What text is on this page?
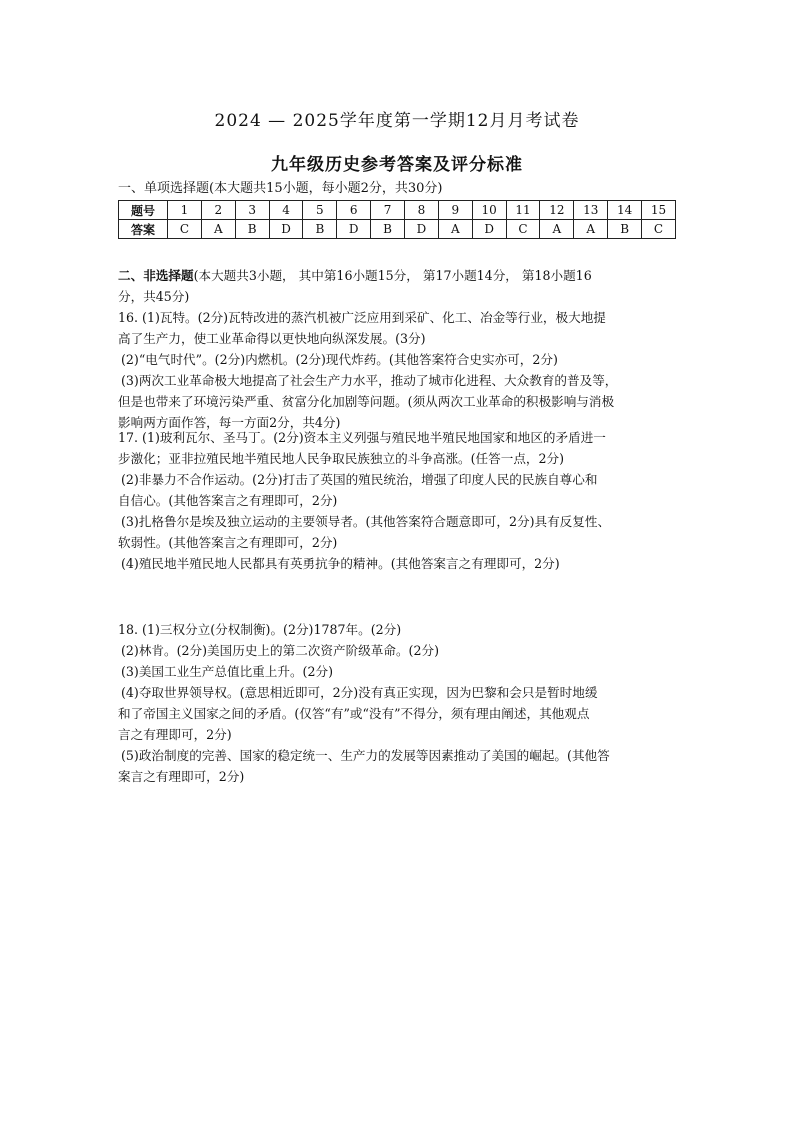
2024 — 2025学年度第一学期12月月考试卷
九年级历史参考答案及评分标准
一、单项选择题(本大题共15小题，每小题2分，共30分)
题号	1	2	3	4	5	6	7	8	9	10	11	12	13	14	15
答案	C	A	B	D	B	D	B	D	A	D	C	A	A	B	C

二、非选择题(本大题共3小题， 其中第16小题15分， 第17小题14分， 第18小题16

分，共45分)

16. (1)瓦特。(2分)瓦特改进的蒸汽机被广泛应用到采矿、化工、冶金等行业，极大地提

高了生产力，使工业革命得以更快地向纵深发展。(3分)

(2)“电气时代”。(2分)内燃机。(2分)现代炸药。(其他答案符合史实亦可，2分)

(3)两次工业革命极大地提高了社会生产力水平，推动了城市化进程、大众教育的普及等，

但是也带来了环境污染严重、贫富分化加剧等问题。(须从两次工业革命的积极影响与消极

影响两方面作答，每一方面2分，共4分)

17. (1)玻利瓦尔、圣马丁。(2分)资本主义列强与殖民地半殖民地国家和地区的矛盾进一

步激化；亚非拉殖民地半殖民地人民争取民族独立的斗争高涨。(任答一点，2分)

(2)非暴力不合作运动。(2分)打击了英国的殖民统治，增强了印度人民的民族自尊心和

自信心。(其他答案言之有理即可，2分)

(3)扎格鲁尔是埃及独立运动的主要领导者。(其他答案符合题意即可，2分)具有反复性、

软弱性。(其他答案言之有理即可，2分)

(4)殖民地半殖民地人民都具有英勇抗争的精神。(其他答案言之有理即可，2分)

18. (1)三权分立(分权制衡)。(2分)1787年。(2分)

(2)林肯。(2分)美国历史上的第二次资产阶级革命。(2分)

(3)美国工业生产总值比重上升。(2分)

(4)夺取世界领导权。(意思相近即可，2分)没有真正实现，因为巴黎和会只是暂时地缓

和了帝国主义国家之间的矛盾。(仅答“有”或“没有”不得分，须有理由阐述，其他观点

言之有理即可，2分)

(5)政治制度的完善、国家的稳定统一、生产力的发展等因素推动了美国的崛起。(其他答

案言之有理即可，2分)
